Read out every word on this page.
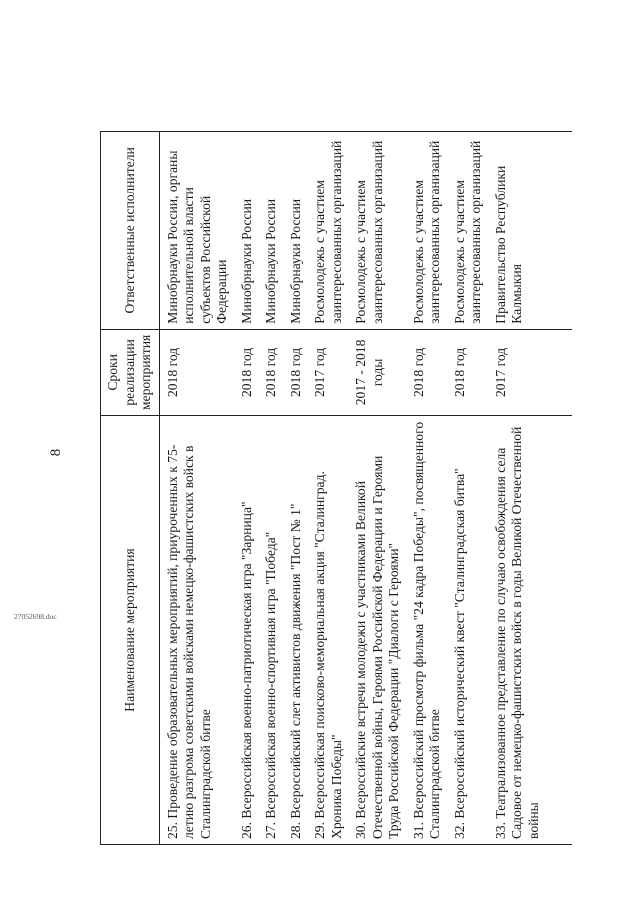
8
Наименование мероприятия	Сроки реализации мероприятия	Ответственные исполнители
25. Проведение образовательных мероприятий, приуроченных к 75-летию разгрома советскими войсками немецко-фашистских войск в Сталинградской битве	2018 год	Минобрнауки России, органы исполнительной власти субъектов Российской Федерации
26. Всероссийская военно-патриотическая игра "Зарница"	2018 год	Минобрнауки России
27. Всероссийская военно-спортивная игра "Победа"	2018 год	Минобрнауки России
28. Всероссийский слет активистов движения "Пост № 1"	2018 год	Минобрнауки России
29. Всероссийская поисково-мемориальная акция "Сталинград. Хроника Победы"	2017 год	Росмолодежь с участием заинтересованных организаций
30. Всероссийские встречи молодежи с участниками Великой Отечественной войны, Героями Российской Федерации и Героями Труда Российской Федерации "Диалоги с Героями"	2017 - 2018 годы	Росмолодежь с участием заинтересованных организаций
31. Всероссийский просмотр фильма "24 кадра Победы", посвященного Сталинградской битве	2018 год	Росмолодежь с участием заинтересованных организаций
32. Всероссийский исторический квест "Сталинградская битва"	2018 год	Росмолодежь с участием заинтересованных организаций
33. Театрализованное представление по случаю освобождения села Садовое от немецко-фашистских войск в годы Великой Отечественной войны	2017 год	Правительство Республики Калмыкия
27052698.doc
